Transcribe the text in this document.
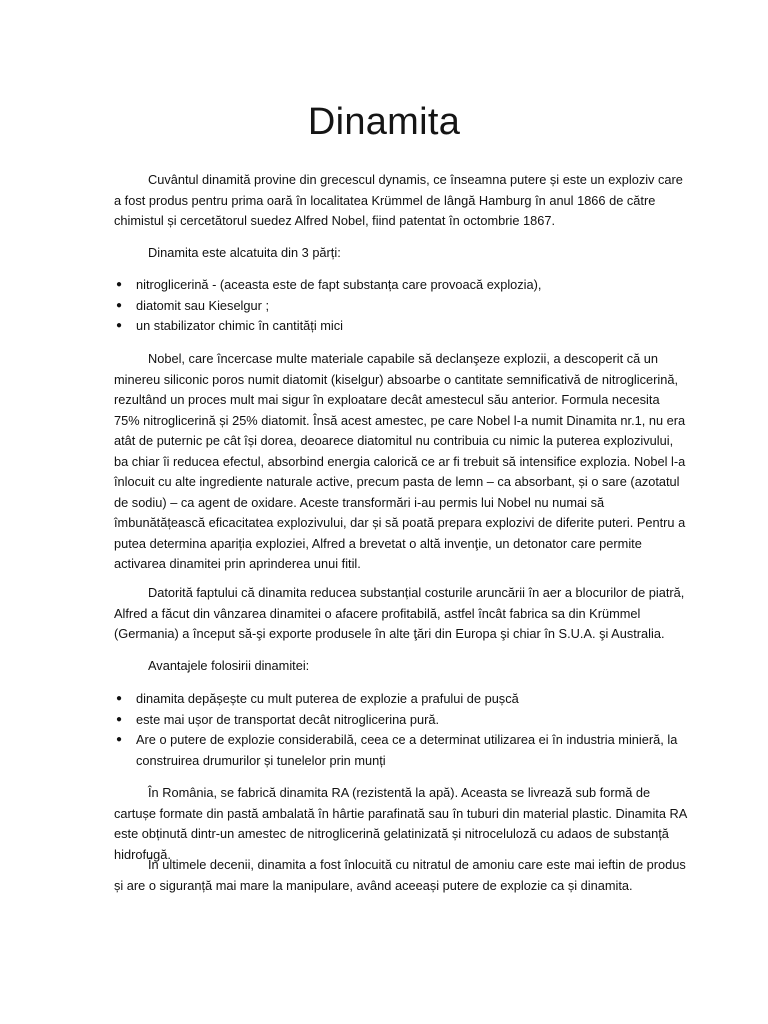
Dinamita

Cuvântul dinamită provine din grecescul dynamis, ce înseamna putere și este un exploziv care a fost produs pentru prima oară în localitatea Krümmel de lângă Hamburg în anul 1866 de către chimistul și cercetătorul suedez Alfred Nobel, fiind patentat în octombrie 1867.

Dinamita este alcatuita din 3 părți:

● nitroglicerină - (aceasta este de fapt substanța care provoacă explozia),
● diatomit sau Kieselgur ;
● un stabilizator chimic în cantități mici

Nobel, care încercase multe materiale capabile să declanşeze explozii, a descoperit că un minereu siliconic poros numit diatomit (kiselgur) absoarbe o cantitate semnificativă de nitroglicerină, rezultând un proces mult mai sigur în exploatare decât amestecul său anterior. Formula necesita 75% nitroglicerină și 25% diatomit. Însă acest amestec, pe care Nobel l-a numit Dinamita nr.1, nu era atât de puternic pe cât își dorea, deoarece diatomitul nu contribuia cu nimic la puterea explozivului, ba chiar îi reducea efectul, absorbind energia calorică ce ar fi trebuit să intensifice explozia. Nobel l-a înlocuit cu alte ingrediente naturale active, precum pasta de lemn – ca absorbant, și o sare (azotatul de sodiu) – ca agent de oxidare. Aceste transformări i-au permis lui Nobel nu numai să îmbunătățească eficacitatea explozivului, dar și să poată prepara explozivi de diferite puteri. Pentru a putea determina apariția exploziei, Alfred a brevetat o altă invenţie, un detonator care permite activarea dinamitei prin aprinderea unui fitil.

Datorită faptului că dinamita reducea substanțial costurile aruncării în aer a blocurilor de piatră, Alfred a făcut din vânzarea dinamitei o afacere profitabilă, astfel încât fabrica sa din Krümmel (Germania) a început să-şi exporte produsele în alte ţări din Europa şi chiar în S.U.A. şi Australia.

Avantajele folosirii dinamitei:

● dinamita depășește cu mult puterea de explozie a prafului de pușcă
● este mai ușor de transportat decât nitroglicerina pură.
● Are o putere de explozie considerabilă, ceea ce a determinat utilizarea ei în industria minieră, la construirea drumurilor și tunelelor prin munți

În România, se fabrică dinamita RA (rezistentă la apă). Aceasta se livrează sub formă de cartușe formate din pastă ambalată în hârtie parafinată sau în tuburi din material plastic. Dinamita RA este obținută dintr-un amestec de nitroglicerină gelatinizată și nitroceluloză cu adaos de substanță hidrofugă.

În ultimele decenii, dinamita a fost înlocuită cu nitratul de amoniu care este mai ieftin de produs și are o siguranță mai mare la manipulare, având aceeași putere de explozie ca și dinamita.
